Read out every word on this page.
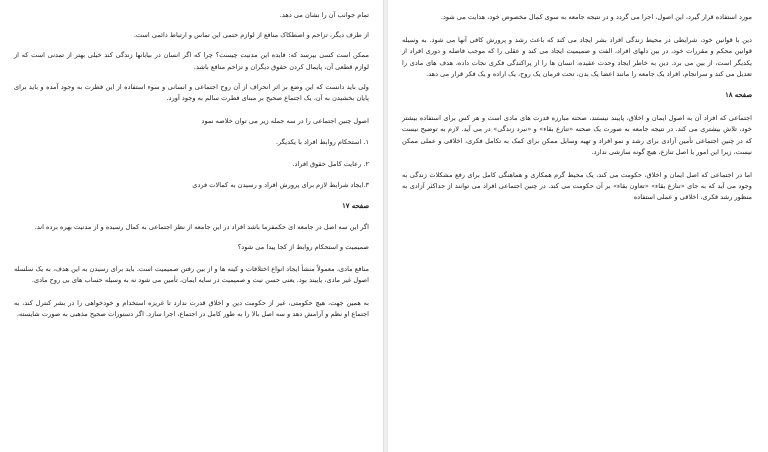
تمام جوانب آن را نشان می دهد.

از طرف دیگر، تزاحم و اصطکاک منافع از لوازم حتمی این تماس و ارتباط دائمی است.

ممکن است کسی بپرسد که: فایده این مدنیت چیست؟ چرا که اگر انسان در بیابانها زندگی کند خیلی بهتر از تمدنی است که از لوازم قطعی آن، پایمال کردن حقوق دیگران و تزاحم منافع باشد.

ولی باید دانست که این وضع بر اثر انحراف از آن روح اجتماعی و انسانی و سوء استفاده از این فطرت به وجود آمده و باید برای پایان بخشیدن به آن، یک اجتماع صحیح بر مبنای فطرت سالم به وجود آورد.

اصول چنین اجتماعی را در سه جمله زیر می توان خلاصه نمود

۱. استحکام روابط افراد با یکدیگر.

۲. رعایت کامل حقوق افراد.

۳.ایجاد شرایط لازم برای پرورش افراد و رسیدن به کمالات فردی

صفحه ۱۷

اگر این سه اصل در جامعه ای حکمفرما باشد افراد در این جامعه از نظر اجتماعی به کمال رسیده و از مدنیت بهره برده اند.

صمیمیت و استحکام روابط از کجا پیدا می شود؟

منافع مادی، معمولاً منشأ ایجاد انواع اختلافات و کینه ها و از بین رفتن صمیمیت است. باید برای رسیدن به این هدف، به یک سلسله اصول غیر مادی، پایبند بود. یعنی حسن نیت و صمیمیت در سایه ایمان، تأمین می شود نه به وسیله حساب های بی روح مادی.

به همین جهت، هیچ حکومتی، غیر از حکومت دین و اخلاق قدرت ندارد تا غریزه استخدام و خودخواهی را در بشر کنترل کند، به اجتماع او نظم و آرامش دهد و سه اصل بالا را به طور کامل در اجتماع، اجرا سازد. اگر دستورات صحیح مذهبی به صورت شایسته،

مورد استفاده قرار گیرد، این اصول، اجرا می گردد و در نتیجه جامعه به سوی کمال مخصوص خود، هدایت می شود.

دین با قوانین خود، شرایطی در محیط زندگی افراد بشر ایجاد می کند که باعث رشد و پرورش کافی آنها می شود. به وسیله قوانین محکم و مقررات خود، در بین دلهای افراد، الفت و صمیمیت ایجاد می کند و عقلی را که موجب فاصله و دوری افراد از یکدیگر است، از بین می برد. دین به خاطر ایجاد وحدت عقیده، انسان ها را از پراکندگی فکری نجات داده، هدف های مادی را تعدیل می کند و سرانجام، افراد یک جامعه را مانند اعضا یک بدن، تحت فرمان یک روح، یک اراده و یک فکر قرار می دهد.

صفحه ۱۸

اجتماعی که افراد آن به اصول ایمان و اخلاق، پایبند نیستند، صحنه مبارزه قدرت های مادی است و هر کس برای استفاده بیشتر خود، تلاش بیشتری می کند. در نتیجه جامعه به صورت یک صحنه «تنازع بقاء» و «نبرد زندگی» در می آید. لازم به توضیح نیست که در چنین اجتماعی تأمین آزادی برای رشد و نمو افراد و تهیه وسایل ممکن برای کمک به تکامل فکری، اخلاقی و عملی ممکن نیست، زیرا این امور با اصل تنازع، هیچ گونه سازشی ندارد.

اما در اجتماعی که اصل ایمان و اخلاق، حکومت می کند، یک محیط گرم همکاری و هماهنگی کامل برای رفع مشکلات زندگی به وجود می آید که به جای «تنازع بقاء» «تعاون بقاء» بر آن حکومت می کند. در چنین اجتماعی افراد می توانند از حداکثر آزادی به منظور رشد فکری، اخلاقی و عملی استفاده
